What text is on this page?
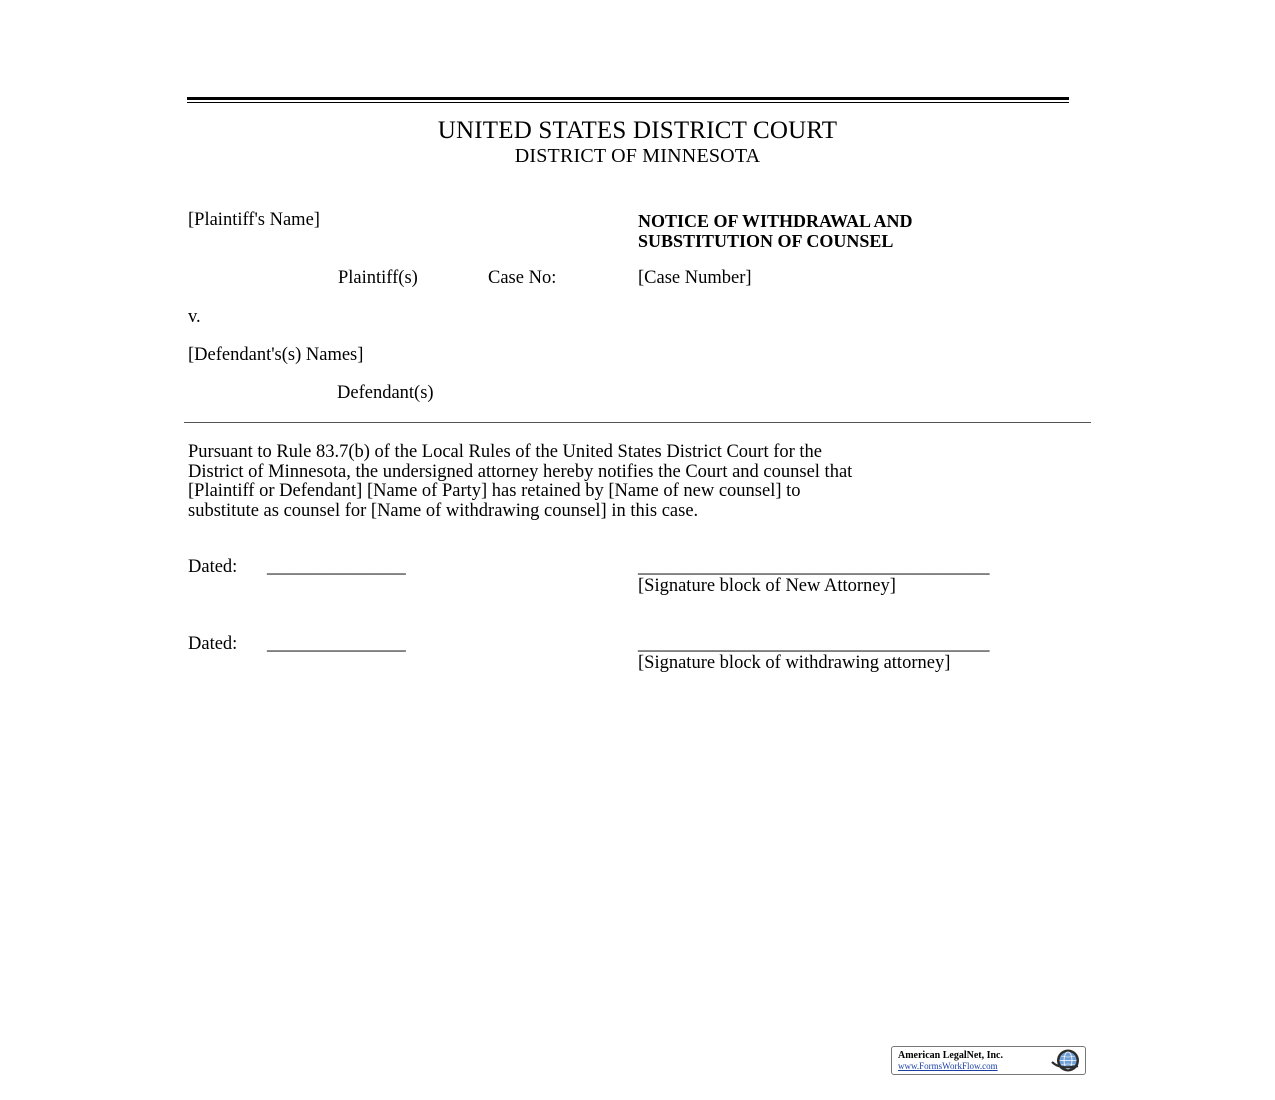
UNITED STATES DISTRICT COURT
DISTRICT OF MINNESOTA
[Plaintiff's Name]	NOTICE OF WITHDRAWAL AND
SUBSTITUTION OF COUNSEL
Plaintiff(s)	Case No:	[Case Number]
v.
[Defendant's(s) Names]
Defendant(s)
Pursuant to Rule 83.7(b) of the Local Rules of the United States District Court for the
District of Minnesota, the undersigned attorney hereby notifies the Court and counsel that
[Plaintiff or Defendant] [Name of Party] has retained by [Name of new counsel] to
substitute as counsel for [Name of withdrawing counsel] in this case.
Dated: _______________	______________________________________
[Signature block of New Attorney]
Dated: _______________	______________________________________
[Signature block of withdrawing attorney]
American LegalNet, Inc.
www.FormsWorkFlow.com
